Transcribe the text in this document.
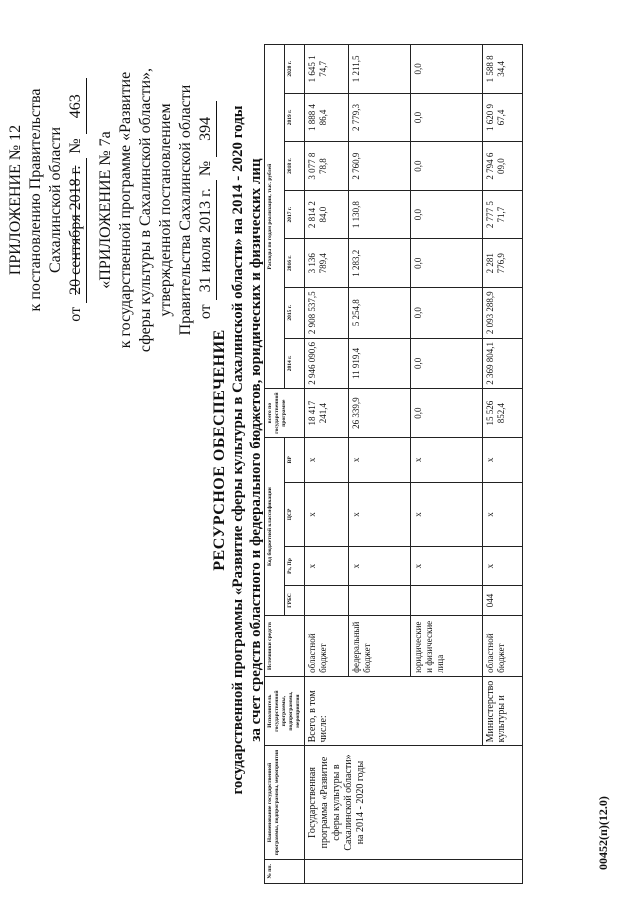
ПРИЛОЖЕНИЕ № 12 к постановлению Правительства Сахалинской области
от 20 сентября 2018 г. № 463
«ПРИЛОЖЕНИЕ № 7а к государственной программе «Развитие сферы культуры в Сахалинской области», утвержденной постановлением Правительства Сахалинской области от 31 июля 2013 г. № 394
РЕСУРСНОЕ ОБЕСПЕЧЕНИЕ государственной программы «Развитие сферы культуры в Сахалинской области» на 2014 - 2020 годы за счет средств областного и федерального бюджетов, юридических и физических лиц
№ пп.	Наименование государственной программы, подпрограммы, мероприятия	Исполнитель государственной программы, подпрограммы, мероприятия	Источники средств	Код бюджетной классификации				всего по государственной программе	Расходы по годам реализации, тыс. рублей						
				ГРБС	Рз, Пр	ЦСР	ВР		2014 г.	2015 г.	2016 г.	2017 г.	2018 г.	2019 г.	2020 г.
	Государственная программа «Развитие сферы культуры в Сахалинской области» на 2014 - 2020 годы	Всего, в том числе:	областной бюджет		x	x	x	18 417 241,4	2 946 090,6	2 908 537,5	3 136 789,4	2 814 2 84,0	3 077 8 78,8	1 888 4 86,4	1 645 1 74,7
			федеральный бюджет		x	x	x	26 339,9	11 919,4	5 254,8	1 283,2	1 130,8	2 760,9	2 779,3	1 211,5
			юридические и физические лица		x	x	x	0,0	0,0	0,0	0,0	0,0	0,0	0,0	0,0
		Министерство культуры и	областной бюджет	044	x	x	x	15 526 852,4	2 369 804,1	2 093 288,9	2 281 776,9	2 777 5 71,7	2 794 6 09,0	1 620 9 67,4	1 588 8 34,4
00452(п)(12.0)
